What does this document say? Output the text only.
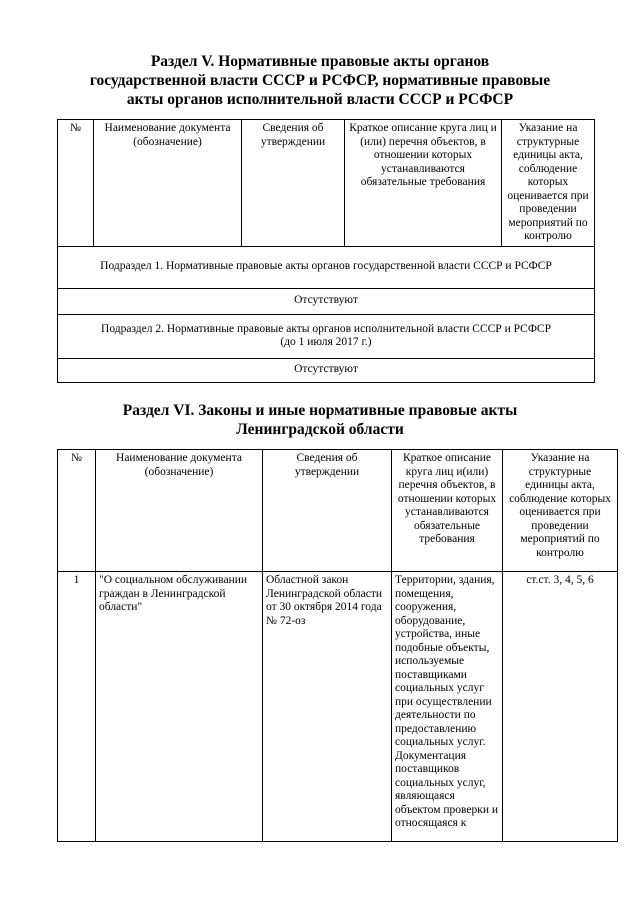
Раздел V. Нормативные правовые акты органов
государственной власти СССР и РСФСР, нормативные правовые
акты органов исполнительной власти СССР и РСФСР
№	Наименование документа (обозначение)	Сведения об утверждении	Краткое описание круга лиц и (или) перечня объектов, в отношении которых устанавливаются обязательные требования	Указание на структурные единицы акта, соблюдение которых оценивается при проведении мероприятий по контролю
Подраздел 1. Нормативные правовые акты органов государственной власти СССР и РСФСР
Отсутствуют

Подраздел 2. Нормативные правовые акты органов исполнительной власти СССР и РСФСР
(до 1 июля 2017 г.)

Отсутствуют
Раздел VI. Законы и иные нормативные правовые акты
Ленинградской области
№	Наименование документа (обозначение)	Сведения об утверждении	Краткое описание круга лиц и(или) перечня объектов, в отношении которых устанавливаются обязательные требования	Указание на структурные единицы акта, соблюдение которых оценивается при проведении мероприятий по контролю
1	"О социальном обслуживании граждан в Ленинградской области"	Областной закон Ленинградской области от 30 октября 2014 года № 72-оз	Территории, здания, помещения, сооружения, оборудование, устройства, иные подобные объекты, используемые поставщиками социальных услуг при осуществлении деятельности по предоставлению социальных услуг. Документация поставщиков социальных услуг, являющаяся объектом проверки и относящаяся к	ст.ст. 3, 4, 5, 6
